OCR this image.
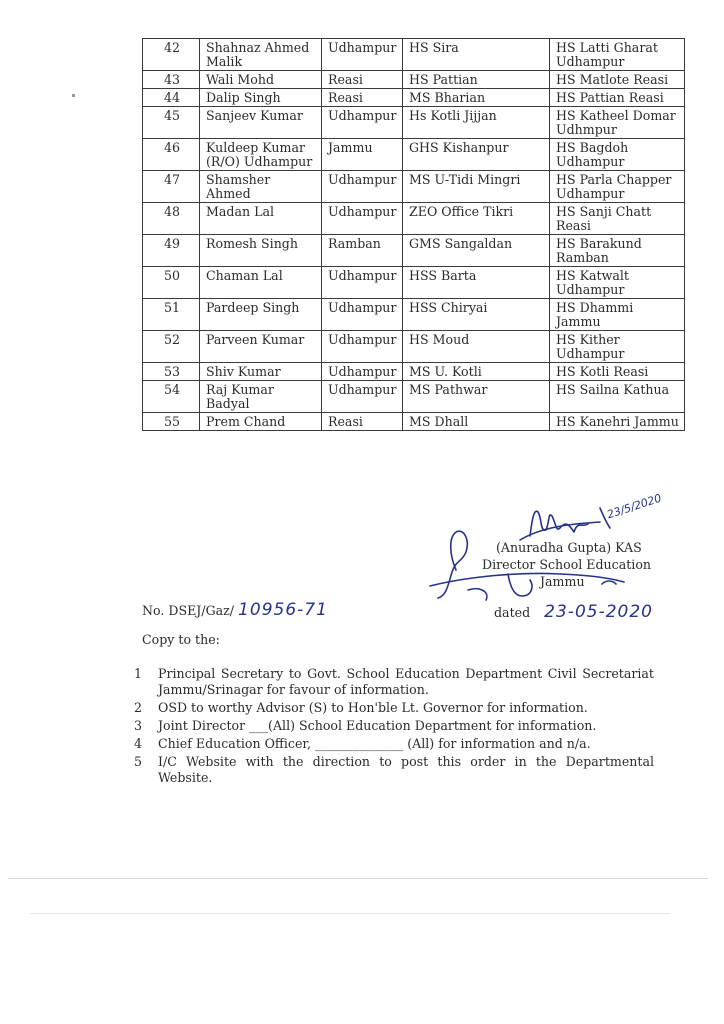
42	Shahnaz Ahmed Malik	Udhampur	HS Sira	HS Latti Gharat Udhampur
43	Wali Mohd	Reasi	HS Pattian	HS Matlote Reasi
44	Dalip Singh	Reasi	MS Bharian	HS Pattian Reasi
45	Sanjeev Kumar	Udhampur	Hs Kotli Jijjan	HS Katheel Domar Udhmpur
46	Kuldeep Kumar (R/O) Udhampur	Jammu	GHS Kishanpur	HS Bagdoh Udhampur
47	Shamsher Ahmed	Udhampur	MS U-Tidi Mingri	HS Parla Chapper Udhampur
48	Madan Lal	Udhampur	ZEO Office Tikri	HS Sanji Chatt Reasi
49	Romesh Singh	Ramban	GMS Sangaldan	HS Barakund Ramban
50	Chaman Lal	Udhampur	HSS Barta	HS Katwalt Udhampur
51	Pardeep Singh	Udhampur	HSS Chiryai	HS Dhammi Jammu
52	Parveen Kumar	Udhampur	HS Moud	HS Kither Udhampur
53	Shiv Kumar	Udhampur	MS U. Kotli	HS Kotli Reasi
54	Raj Kumar Badyal	Udhampur	MS Pathwar	HS Sailna Kathua
55	Prem Chand	Reasi	MS Dhall	HS Kanehri Jammu
23/5/2020
(Anuradha Gupta) KAS
Director School Education
Jammu
No. DSEJ/Gaz/ 10956-71	dated 23-05-2020
Copy to the:
1	Principal Secretary to Govt. School Education Department Civil Secretariat Jammu/Srinagar for favour of information.
2	OSD to worthy Advisor (S) to Hon'ble Lt. Governor for information.
3	Joint Director ___(All) School Education Department for information.
4	Chief Education Officer, ______________ (All) for information and n/a.
5	I/C Website with the direction to post this order in the Departmental Website.
